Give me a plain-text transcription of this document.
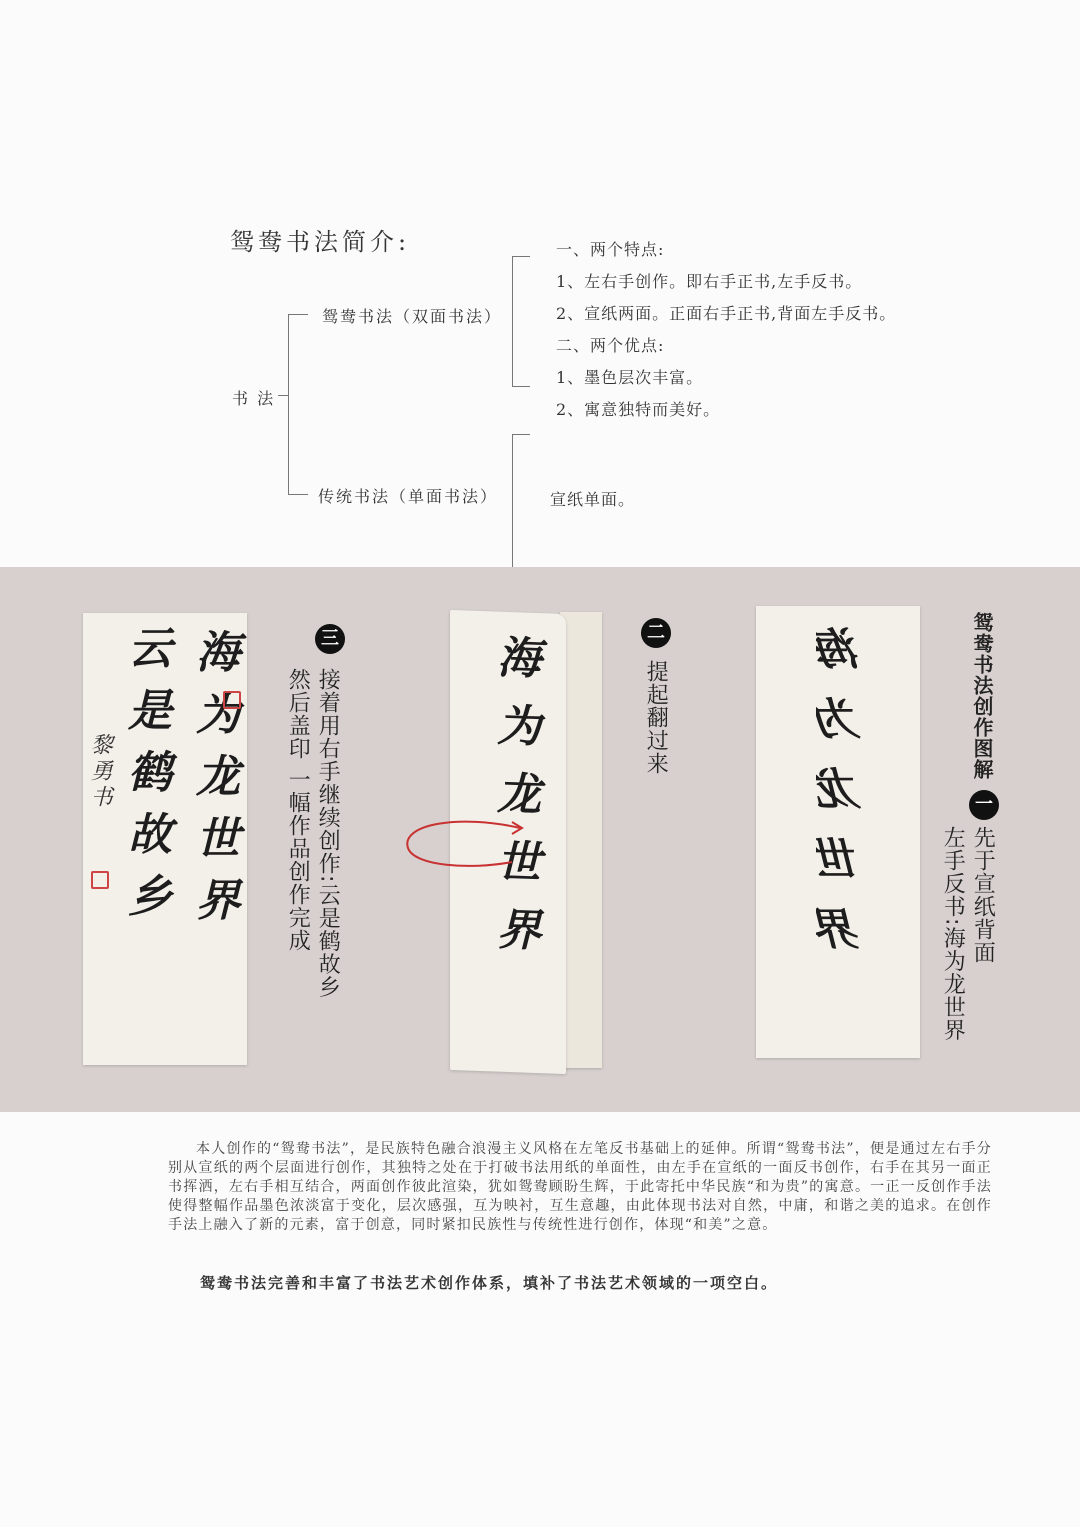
鸳鸯书法简介:
书 法
鸳鸯书法（双面书法）
传统书法（单面书法）
一、两个特点:
1、左右手创作。即右手正书,左手反书。
2、宣纸两面。正面右手正书,背面左手反书。
二、两个优点:
1、墨色层次丰富。
2、寓意独特而美好。
宣纸单面。
海为龙世界
云是鹤故乡
黎勇书
三
接着用右手继续创作:云是鹤故乡
然后盖印 一幅作品创作完成	海为龙世界
二
提起翻过来	海为龙世界	鸳鸯书法创作图解
一
先于宣纸背面
左手反书:海为龙世界
本人创作的“鸳鸯书法”，是民族特色融合浪漫主义风格在左笔反书基础上的延伸。所谓“鸳鸯书法”，便是通过左右手分别从宣纸的两个层面进行创作，其独特之处在于打破书法用纸的单面性，由左手在宣纸的一面反书创作，右手在其另一面正书挥洒，左右手相互结合，两面创作彼此渲染，犹如鸳鸯顾盼生辉，于此寄托中华民族“和为贵”的寓意。一正一反创作手法使得整幅作品墨色浓淡富于变化，层次感强，互为映衬，互生意趣，由此体现书法对自然，中庸，和谐之美的追求。在创作手法上融入了新的元素，富于创意，同时紧扣民族性与传统性进行创作，体现“和美”之意。
鸳鸯书法完善和丰富了书法艺术创作体系，填补了书法艺术领域的一项空白。
